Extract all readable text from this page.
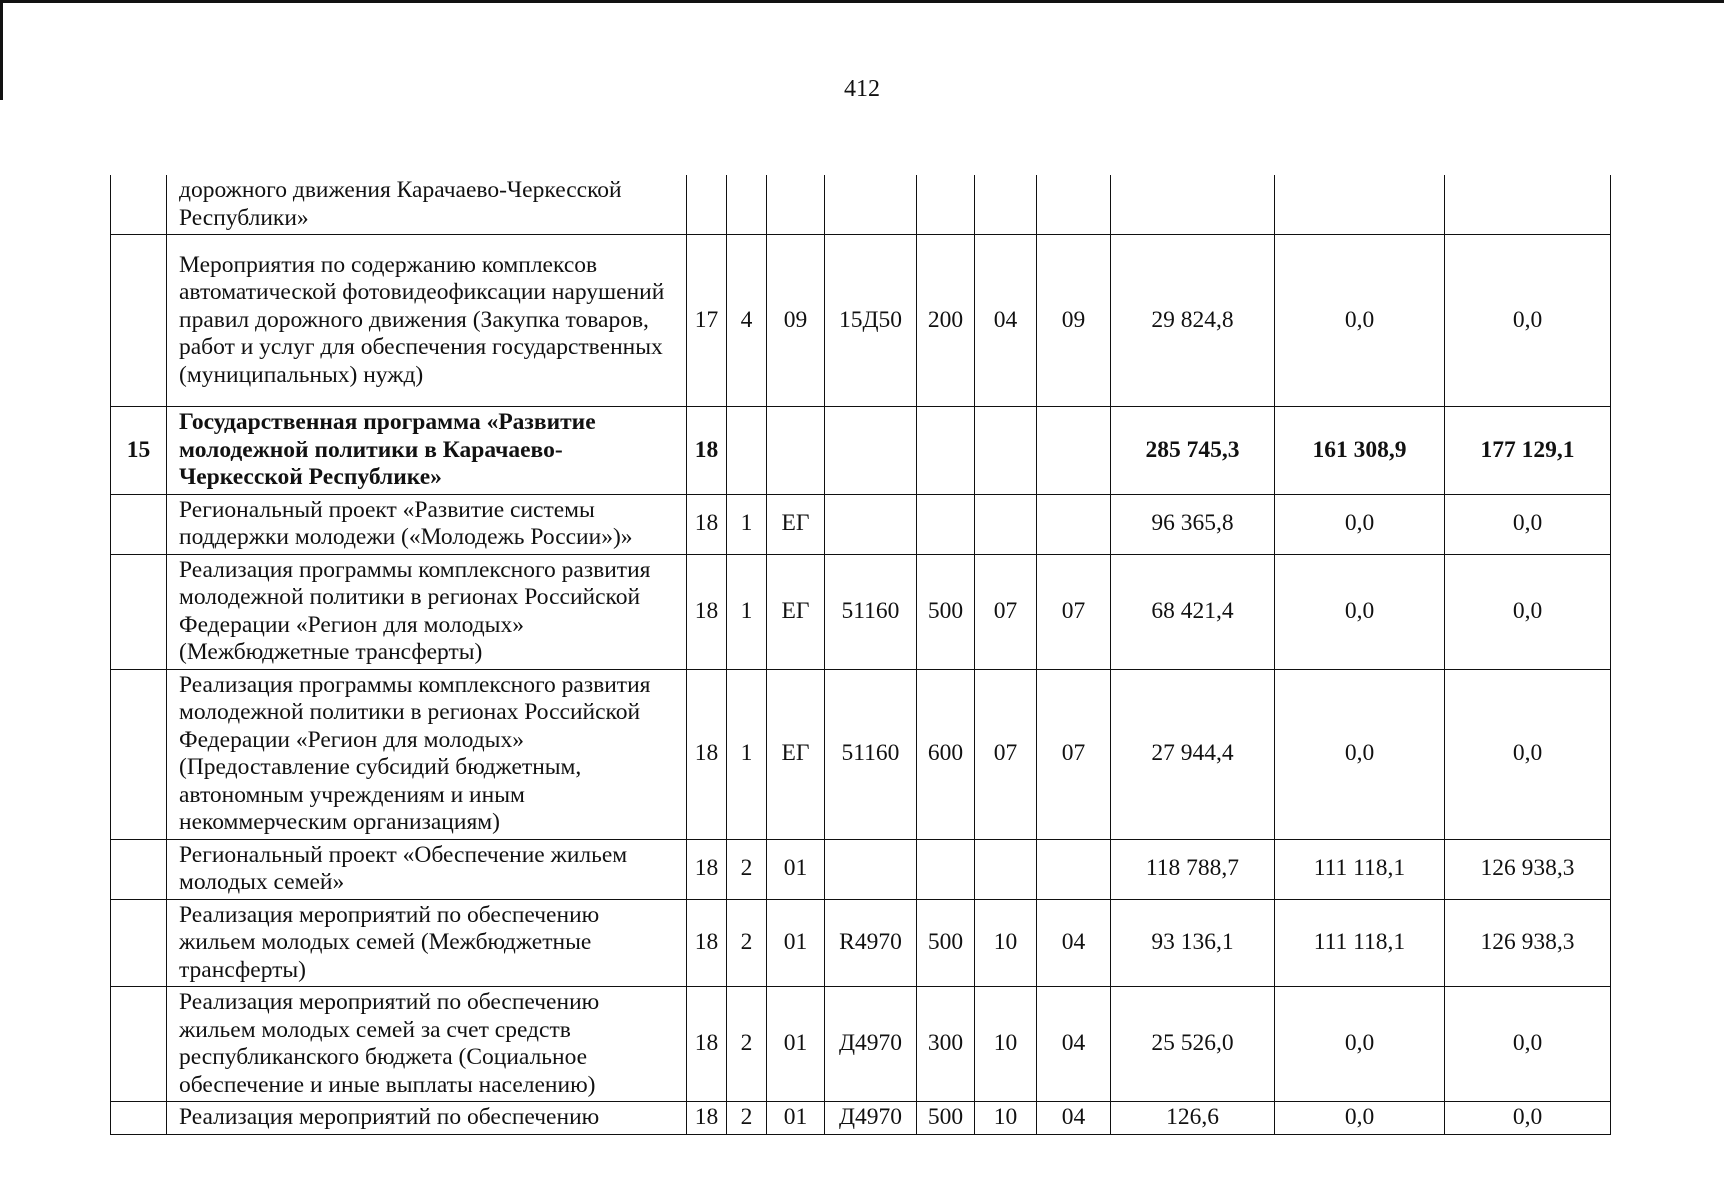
412
	дорожного движения Карачаево-Черкесской Республики»										
	Мероприятия по содержанию комплексов автоматической фотовидеофиксации нарушений правил дорожного движения (Закупка товаров, работ и услуг для обеспечения государственных (муниципальных) нужд)	17	4	09	15Д50	200	04	09	29 824,8	0,0	0,0
15	Государственная программа «Развитие молодежной политики в Карачаево-Черкесской Республике»	18							285 745,3	161 308,9	177 129,1
	Региональный проект «Развитие системы поддержки молодежи («Молодежь России»)»	18	1	ЕГ					96 365,8	0,0	0,0
	Реализация программы комплексного развития молодежной политики в регионах Российской Федерации «Регион для молодых» (Межбюджетные трансферты)	18	1	ЕГ	51160	500	07	07	68 421,4	0,0	0,0
	Реализация программы комплексного развития молодежной политики в регионах Российской Федерации «Регион для молодых» (Предоставление субсидий бюджетным, автономным учреждениям и иным некоммерческим организациям)	18	1	ЕГ	51160	600	07	07	27 944,4	0,0	0,0
	Региональный проект «Обеспечение жильем молодых семей»	18	2	01					118 788,7	111 118,1	126 938,3
	Реализация мероприятий по обеспечению жильем молодых семей (Межбюджетные трансферты)	18	2	01	R4970	500	10	04	93 136,1	111 118,1	126 938,3
	Реализация мероприятий по обеспечению жильем молодых семей за счет средств республиканского бюджета (Социальное обеспечение и иные выплаты населению)	18	2	01	Д4970	300	10	04	25 526,0	0,0	0,0
	Реализация мероприятий по обеспечению	18	2	01	Д4970	500	10	04	126,6	0,0	0,0
